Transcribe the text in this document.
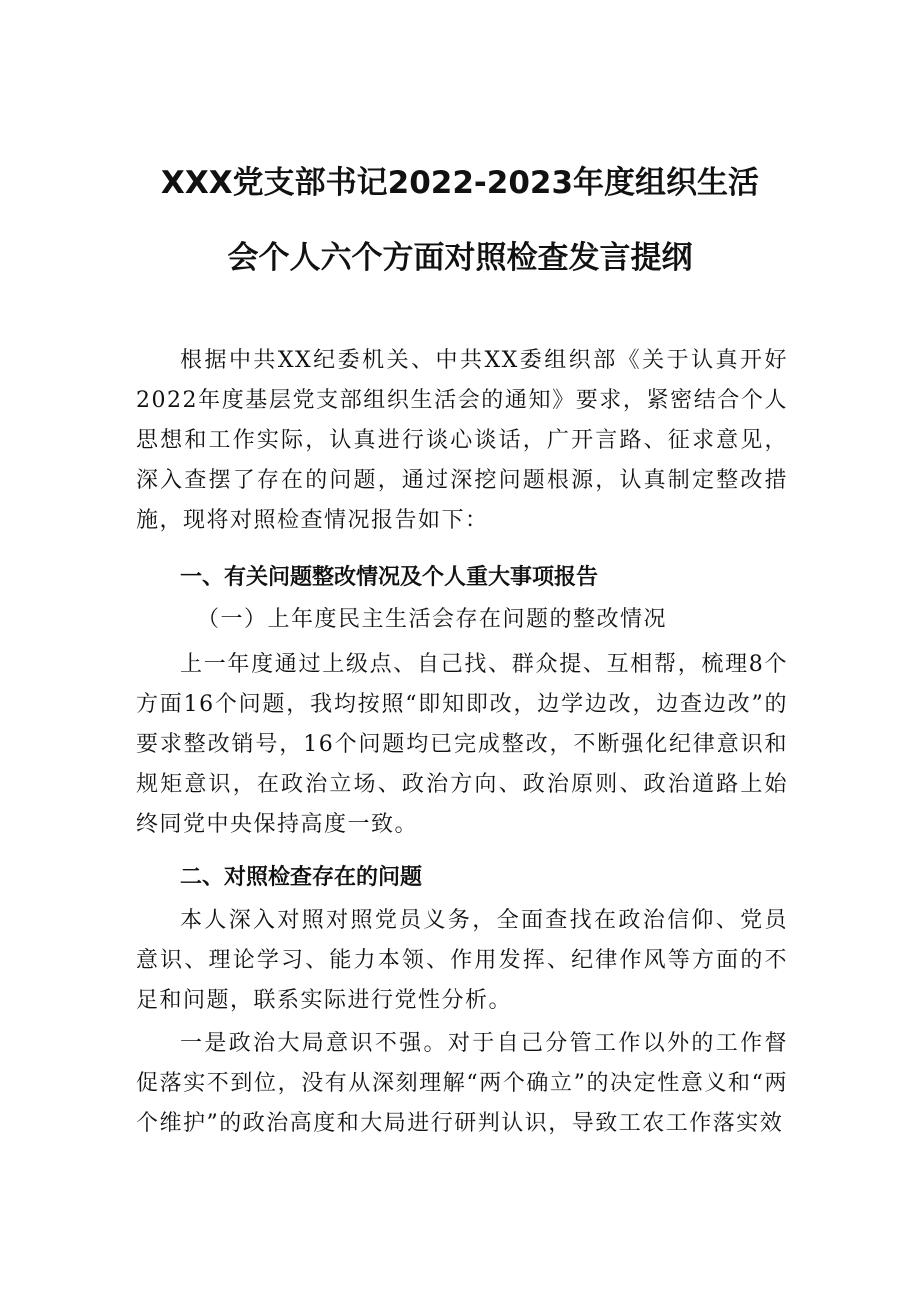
XXX党支部书记2022-2023年度组织生活
会个人六个方面对照检查发言提纲

根据中共XX纪委机关、中共XX委组织部《关于认真开好2022年度基层党支部组织生活会的通知》要求，紧密结合个人思想和工作实际，认真进行谈心谈话，广开言路、征求意见，深入查摆了存在的问题，通过深挖问题根源，认真制定整改措施，现将对照检查情况报告如下：

一、有关问题整改情况及个人重大事项报告
（一）上年度民主生活会存在问题的整改情况

上一年度通过上级点、自己找、群众提、互相帮，梳理8个方面16个问题，我均按照“即知即改，边学边改，边查边改”的要求整改销号，16个问题均已完成整改，不断强化纪律意识和规矩意识，在政治立场、政治方向、政治原则、政治道路上始终同党中央保持高度一致。

二、对照检查存在的问题

本人深入对照对照党员义务，全面查找在政治信仰、党员意识、理论学习、能力本领、作用发挥、纪律作风等方面的不足和问题，联系实际进行党性分析。

一是政治大局意识不强。对于自己分管工作以外的工作督促落实不到位，没有从深刻理解“两个确立”的决定性意义和“两个维护”的政治高度和大局进行研判认识，导致工农工作落实效
